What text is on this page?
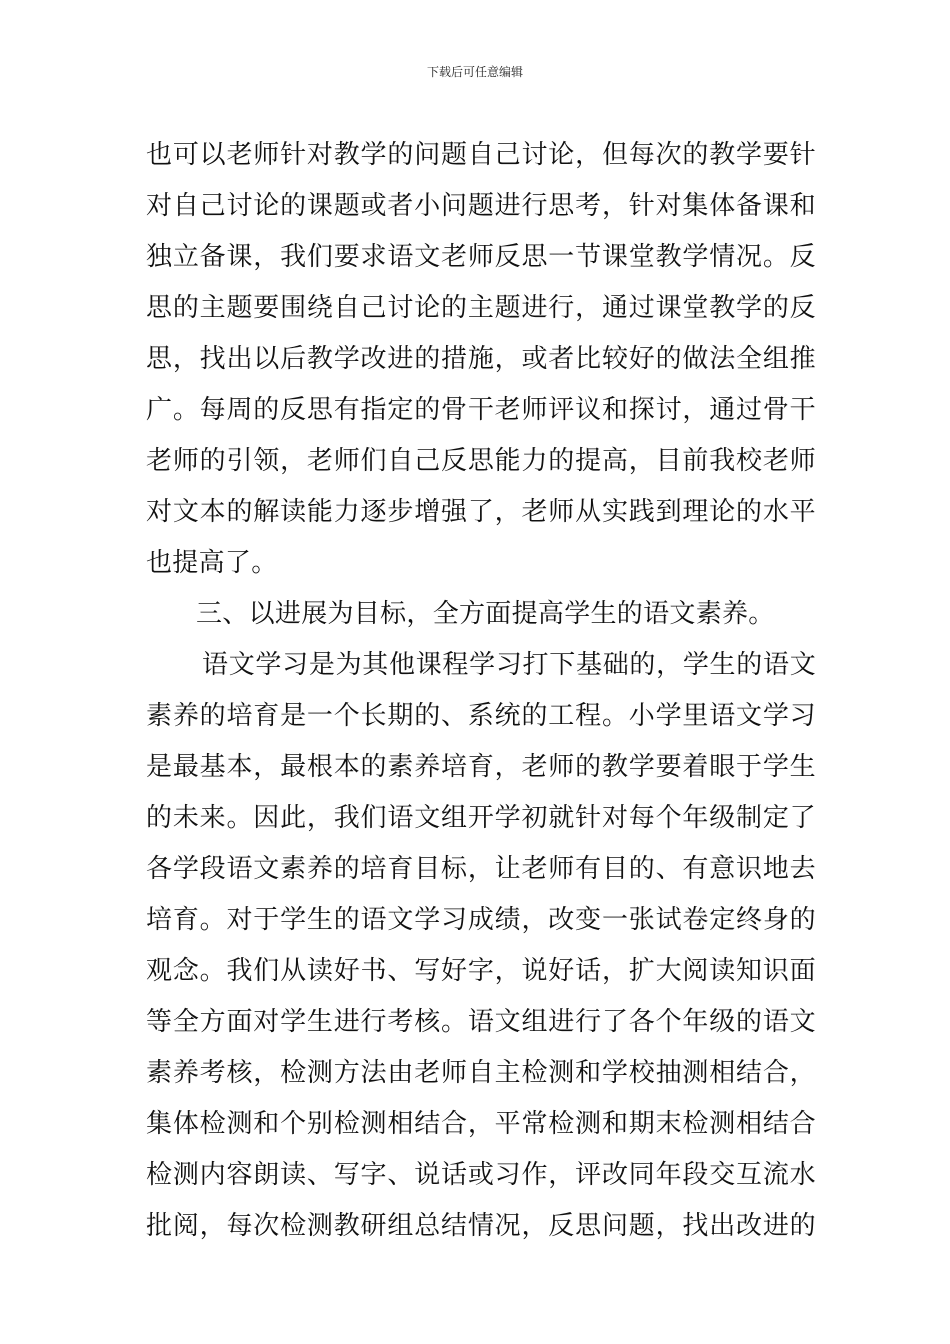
下载后可任意编辑
也可以老师针对教学的问题自己讨论，但每次的教学要针
对自己讨论的课题或者小问题进行思考，针对集体备课和
独立备课，我们要求语文老师反思一节课堂教学情况。反
思的主题要围绕自己讨论的主题进行，通过课堂教学的反
思，找出以后教学改进的措施，或者比较好的做法全组推
广。每周的反思有指定的骨干老师评议和探讨，通过骨干
老师的引领，老师们自己反思能力的提高，目前我校老师
对文本的解读能力逐步增强了，老师从实践到理论的水平
也提高了。
三、以进展为目标，全方面提高学生的语文素养。
语文学习是为其他课程学习打下基础的，学生的语文
素养的培育是一个长期的、系统的工程。小学里语文学习
是最基本，最根本的素养培育，老师的教学要着眼于学生
的未来。因此，我们语文组开学初就针对每个年级制定了
各学段语文素养的培育目标，让老师有目的、有意识地去
培育。对于学生的语文学习成绩，改变一张试卷定终身的
观念。我们从读好书、写好字，说好话，扩大阅读知识面
等全方面对学生进行考核。语文组进行了各个年级的语文
素养考核，检测方法由老师自主检测和学校抽测相结合，
集体检测和个别检测相结合，平常检测和期末检测相结合
检测内容朗读、写字、说话或习作，评改同年段交互流水
批阅，每次检测教研组总结情况，反思问题，找出改进的
